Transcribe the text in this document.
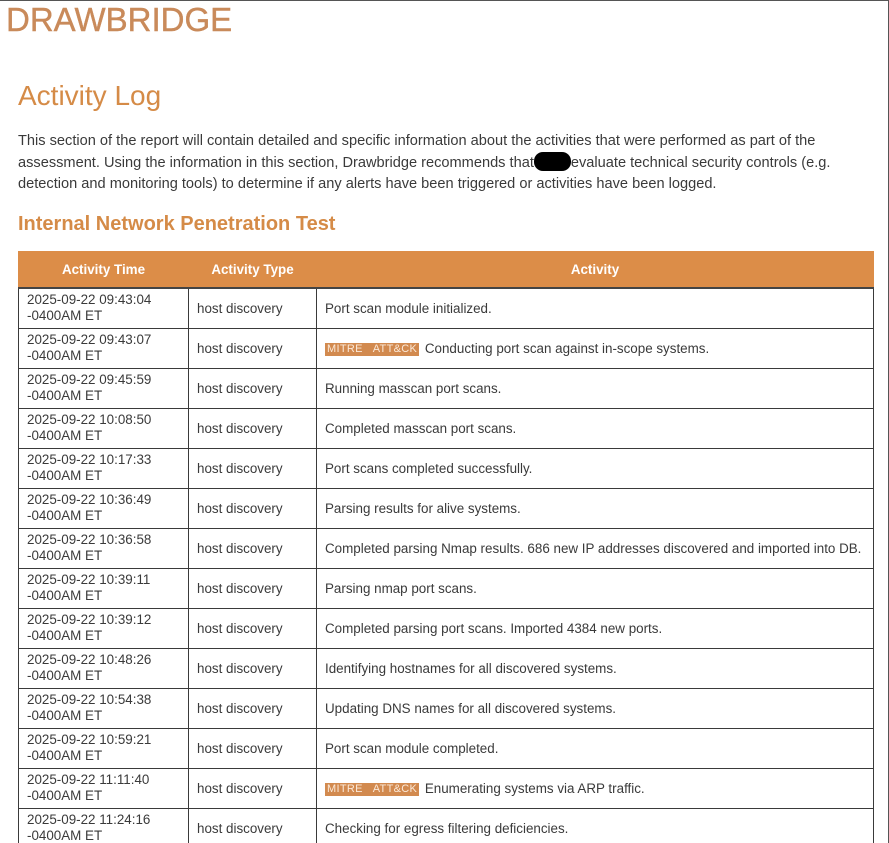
DRAWBRIDGE
Activity Log

This section of the report will contain detailed and specific information about the activities that were performed as part of the assessment. Using the information in this section, Drawbridge recommends that	evaluate technical security controls (e.g. detection and monitoring tools) to determine if any alerts have been triggered or activities have been logged.

Internal Network Penetration Test
Activity Time	Activity Type	Activity

2025-09-22 09:43:04
-0400AM ET	host discovery	Port scan module initialized.

2025-09-22 09:43:07
-0400AM ET	host discovery	MITRE ATT&CK Conducting port scan against in-scope systems.

2025-09-22 09:45:59
-0400AM ET	host discovery	Running masscan port scans.

2025-09-22 10:08:50
-0400AM ET	host discovery	Completed masscan port scans.

2025-09-22 10:17:33
-0400AM ET	host discovery	Port scans completed successfully.

2025-09-22 10:36:49
-0400AM ET	host discovery	Parsing results for alive systems.

2025-09-22 10:36:58
-0400AM ET	host discovery	Completed parsing Nmap results. 686 new IP addresses discovered and imported into DB.

2025-09-22 10:39:11
-0400AM ET	host discovery	Parsing nmap port scans.

2025-09-22 10:39:12
-0400AM ET	host discovery	Completed parsing port scans. Imported 4384 new ports.

2025-09-22 10:48:26
-0400AM ET	host discovery	Identifying hostnames for all discovered systems.

2025-09-22 10:54:38
-0400AM ET	host discovery	Updating DNS names for all discovered systems.

2025-09-22 10:59:21
-0400AM ET	host discovery	Port scan module completed.

2025-09-22 11:11:40
-0400AM ET	host discovery	MITRE ATT&CK Enumerating systems via ARP traffic.

2025-09-22 11:24:16
-0400AM ET	host discovery	Checking for egress filtering deficiencies.
